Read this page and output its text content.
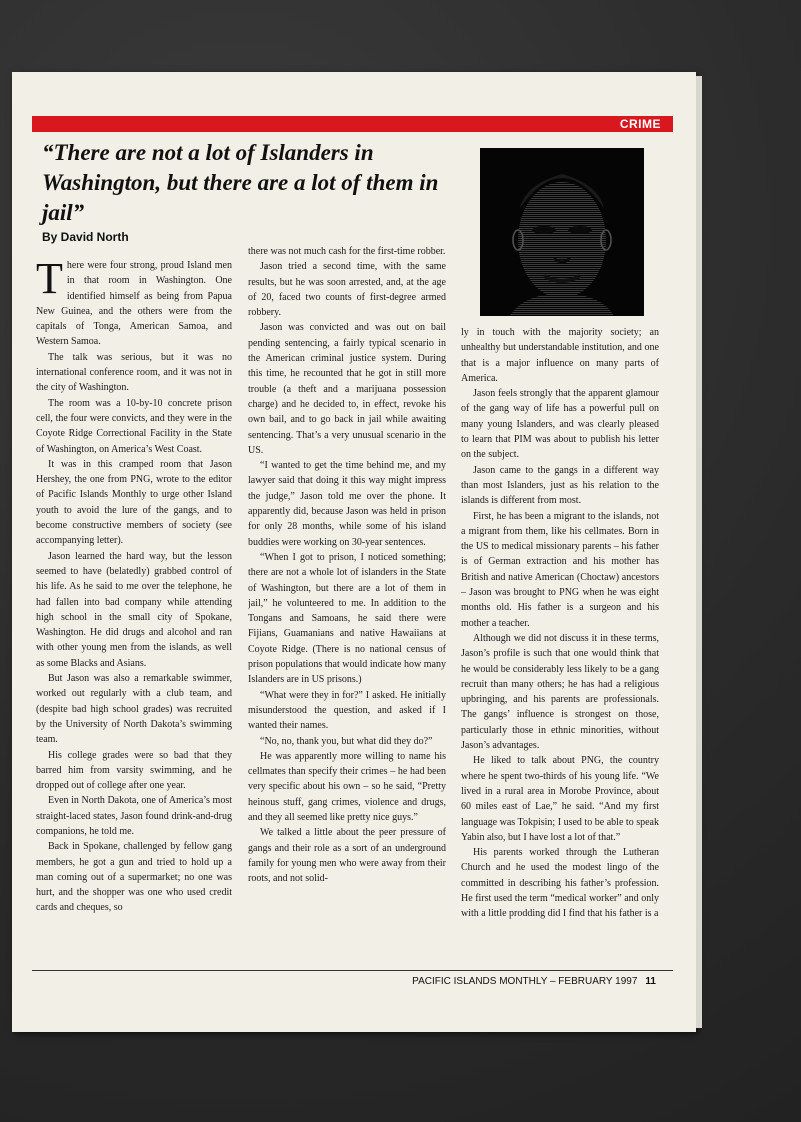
CRIME
“There are not a lot of Islanders in Washington, but there are a lot of them in jail”
By David North

There were four strong, proud Island men in that room in Washington. One identified himself as being from Papua New Guinea, and the others were from the capitals of Tonga, American Samoa, and Western Samoa.

The talk was serious, but it was no international conference room, and it was not in the city of Washington.

The room was a 10-by-10 concrete prison cell, the four were convicts, and they were in the Coyote Ridge Correctional Facility in the State of Washington, on America’s West Coast.

It was in this cramped room that Jason Hershey, the one from PNG, wrote to the editor of Pacific Islands Monthly to urge other Island youth to avoid the lure of the gangs, and to become constructive members of society (see accompanying letter).

Jason learned the hard way, but the lesson seemed to have (belatedly) grabbed control of his life. As he said to me over the telephone, he had fallen into bad company while attending high school in the small city of Spokane, Washington. He did drugs and alcohol and ran with other young men from the islands, as well as some Blacks and Asians.

But Jason was also a remarkable swimmer, worked out regularly with a club team, and (despite bad high school grades) was recruited by the University of North Dakota’s swimming team.

His college grades were so bad that they barred him from varsity swimming, and he dropped out of college after one year.

Even in North Dakota, one of America’s most straight-laced states, Jason found drink-and-drug companions, he told me.

Back in Spokane, challenged by fellow gang members, he got a gun and tried to hold up a man coming out of a supermarket; no one was hurt, and the shopper was one who used credit cards and cheques, so

there was not much cash for the first-time robber.

Jason tried a second time, with the same results, but he was soon arrested, and, at the age of 20, faced two counts of first-degree armed robbery.

Jason was convicted and was out on bail pending sentencing, a fairly typical scenario in the American criminal justice system. During this time, he recounted that he got in still more trouble (a theft and a marijuana possession charge) and he decided to, in effect, revoke his own bail, and to go back in jail while awaiting sentencing. That’s a very unusual scenario in the US.

“I wanted to get the time behind me, and my lawyer said that doing it this way might impress the judge,” Jason told me over the phone. It apparently did, because Jason was held in prison for only 28 months, while some of his island buddies were working on 30-year sentences.

“When I got to prison, I noticed something; there are not a whole lot of islanders in the State of Washington, but there are a lot of them in jail,” he volunteered to me. In addition to the Tongans and Samoans, he said there were Fijians, Guamanians and native Hawaiians at Coyote Ridge. (There is no national census of prison populations that would indicate how many Islanders are in US prisons.)

“What were they in for?” I asked. He initially misunderstood the question, and asked if I wanted their names.

“No, no, thank you, but what did they do?”

He was apparently more willing to name his cellmates than specify their crimes – he had been very specific about his own – so he said, “Pretty heinous stuff, gang crimes, violence and drugs, and they all seemed like pretty nice guys.”

We talked a little about the peer pressure of gangs and their role as a sort of an underground family for young men who were away from their roots, and not solid-

ly in touch with the majority society; an unhealthy but understandable institution, and one that is a major influence on many parts of America.

Jason feels strongly that the apparent glamour of the gang way of life has a powerful pull on many young Islanders, and was clearly pleased to learn that PIM was about to publish his letter on the subject.

Jason came to the gangs in a different way than most Islanders, just as his relation to the islands is different from most.

First, he has been a migrant to the islands, not a migrant from them, like his cellmates. Born in the US to medical missionary parents – his father is of German extraction and his mother has British and native American (Choctaw) ancestors – Jason was brought to PNG when he was eight months old. His father is a surgeon and his mother a teacher.

Although we did not discuss it in these terms, Jason’s profile is such that one would think that he would be considerably less likely to be a gang recruit than many others; he has had a religious upbringing, and his parents are professionals. The gangs’ influence is strongest on those, particularly those in ethnic minorities, without Jason’s advantages.

He liked to talk about PNG, the country where he spent two-thirds of his young life. “We lived in a rural area in Morobe Province, about 60 miles east of Lae,” he said. “And my first language was Tokpisin; I used to be able to speak Yabin also, but I have lost a lot of that.”

His parents worked through the Lutheran Church and he used the modest lingo of the committed in describing his father’s profession. He first used the term “medical worker” and only with a little prodding did I find that his father is a

PACIFIC ISLANDS MONTHLY – FEBRUARY 1997 11
